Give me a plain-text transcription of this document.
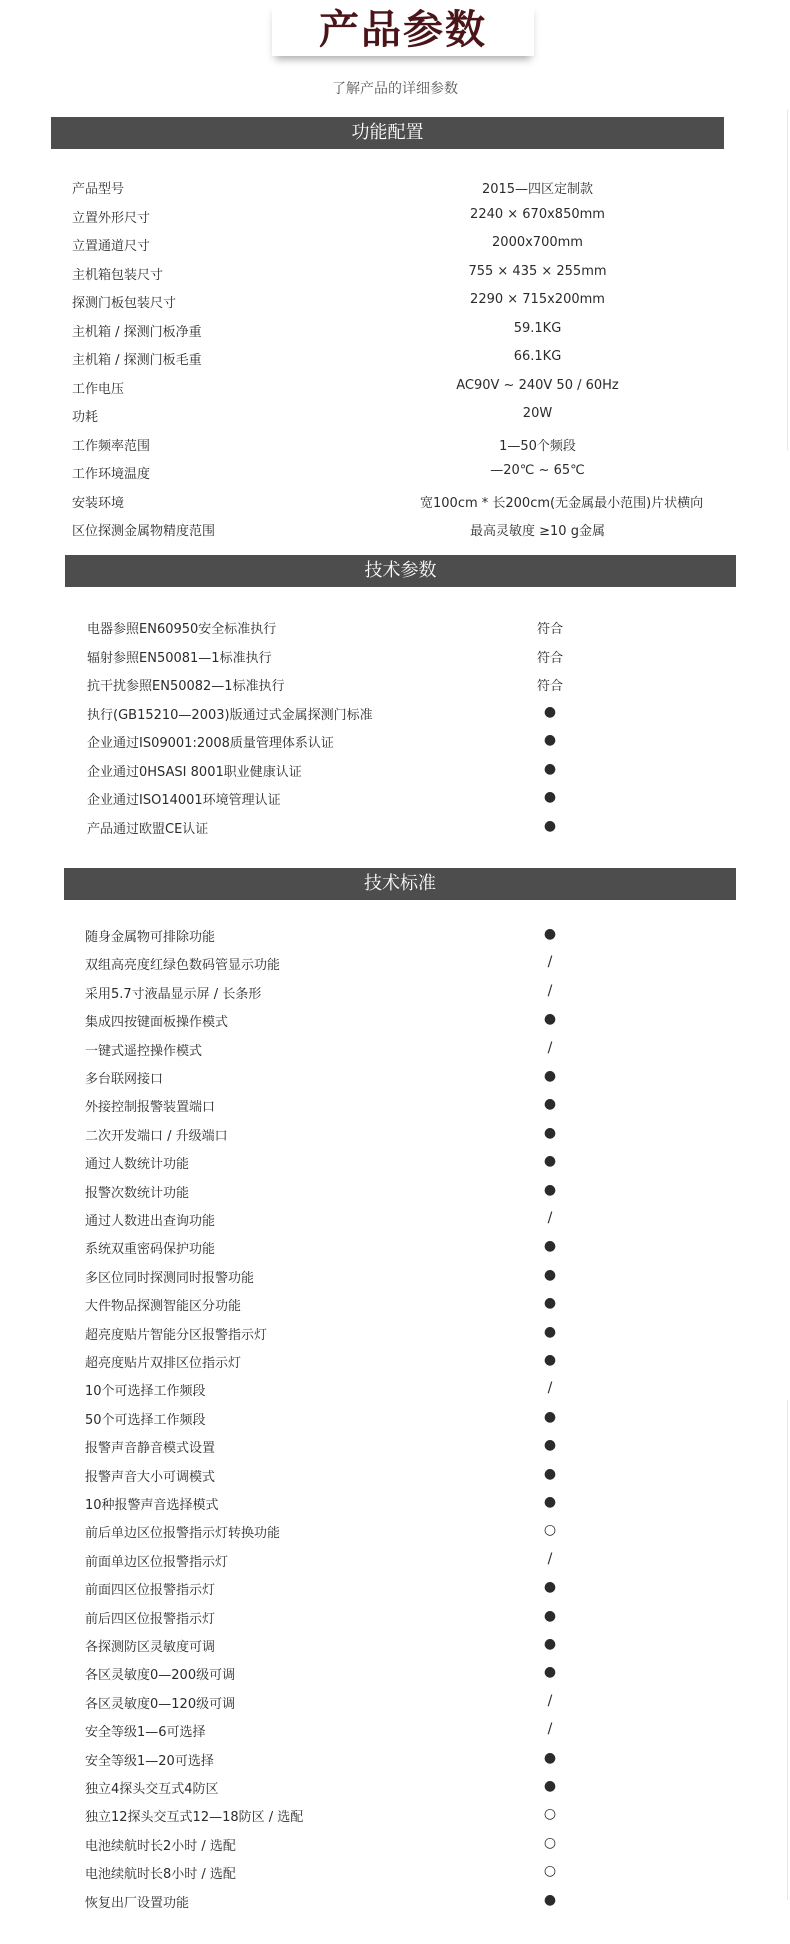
产品参数
了解产品的详细参数
功能配置
产品型号	2015—四区定制款
立置外形尺寸	2240 × 670x850mm
立置通道尺寸	2000x700mm
主机箱包装尺寸	755 × 435 × 255mm
探测门板包装尺寸	2290 × 715x200mm
主机箱 / 探测门板净重	59.1KG
主机箱 / 探测门板毛重	66.1KG
工作电压	AC90V ~ 240V 50 / 60Hz
功耗	20W
工作频率范围	1—50个频段
工作环境温度	—20℃ ~ 65℃
安装环境	宽100cm * 长200cm(无金属最小范围)片状横向
区位探测金属物精度范围	最高灵敏度 ≥10 g金属
技术参数
电器参照EN60950安全标准执行	符合
辐射参照EN50081—1标准执行	符合
抗干扰参照EN50082—1标准执行	符合
执行(GB15210—2003)版通过式金属探测门标准	●
企业通过IS09001:2008质量管理体系认证	●
企业通过0HSASI 8001职业健康认证	●
企业通过ISO14001环境管理认证	●
产品通过欧盟CE认证	●
技术标准
随身金属物可排除功能	●
双组高亮度红绿色数码管显示功能	/
采用5.7寸液晶显示屏 / 长条形	/
集成四按键面板操作模式	●
一键式遥控操作模式	/
多台联网接口	●
外接控制报警装置端口	●
二次开发端口 / 升级端口	●
通过人数统计功能	●
报警次数统计功能	●
通过人数进出查询功能	/
系统双重密码保护功能	●
多区位同时探测同时报警功能	●
大件物品探测智能区分功能	●
超亮度贴片智能分区报警指示灯	●
超亮度贴片双排区位指示灯	●
10个可选择工作频段	/
50个可选择工作频段	●
报警声音静音模式设置	●
报警声音大小可调模式	●
10种报警声音选择模式	●
前后单边区位报警指示灯转换功能	○
前面单边区位报警指示灯	/
前面四区位报警指示灯	●
前后四区位报警指示灯	●
各探测防区灵敏度可调	●
各区灵敏度0—200级可调	●
各区灵敏度0—120级可调	/
安全等级1—6可选择	/
安全等级1—20可选择	●
独立4探头交互式4防区	●
独立12探头交互式12—18防区 / 选配	○
电池续航时长2小时 / 选配	○
电池续航时长8小时 / 选配	○
恢复出厂设置功能	●
